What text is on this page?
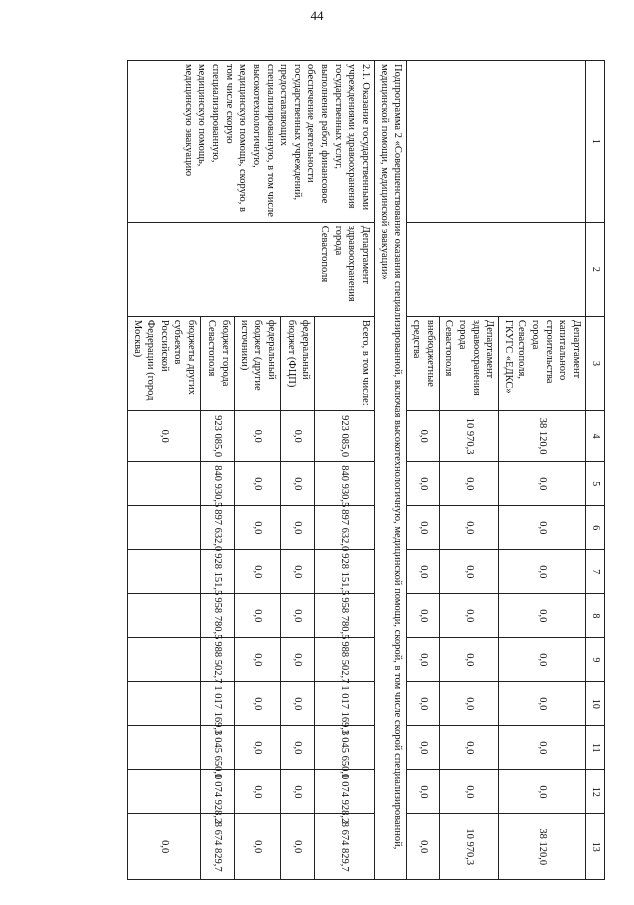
44
1	2	3	4	5	6	7	8	9	10	11	12	13
		Департамент капитального строительства города Севастополя, ГКУГС «ЕДКС»	38 120,0	0,0	0,0	0,0	0,0	0,0	0,0	0,0	0,0	38 120,0
		Департамент здравоохранения города Севастополя	10 970,3	0,0	0,0	0,0	0,0	0,0	0,0	0,0	0,0	10 970,3
		внебюджетные средства	0,0	0,0	0,0	0,0	0,0	0,0	0,0	0,0	0,0	0,0
Подпрограмма 2 «Совершенствование оказания специализированной, включая высокотехнологичную, медицинской помощи, скорой, в том числе скорой специализированной, медицинской помощи, медицинской эвакуации»												
2.1. Оказание государственными учреждениями здравоохранения государственных услуг, выполнение работ, финансовое обеспечение деятельности государственных учреждений, предоставляющих специализированную, в том числе высокотехнологичную, медицинскую помощь, скорую, в том числе скорую специализированную, медицинскую помощь, медицинскую эвакуацию	Департамент здравоохранения города Севастополя	Всего, в том числе:	923 085,0	840 930,5	897 632,0	928 151,5	958 780,5	988 502,7	1 017 169,3	1 045 650,0	1 074 928,2	8 674 829,7
		федеральный бюджет (ФЦП)	0,0	0,0	0,0	0,0	0,0	0,0	0,0	0,0	0,0	0,0
		федеральный бюджет (другие источники)	0,0	0,0	0,0	0,0	0,0	0,0	0,0	0,0	0,0	0,0
		бюджет города Севастополя	923 085,0	840 930,5	897 632,0	928 151,5	958 780,5	988 502,7	1 017 169,3	1 045 650,0	1 074 928,2	8 674 829,7
		бюджеты других субъектов Российской Федерации (город Москва)	0,0									0,0
